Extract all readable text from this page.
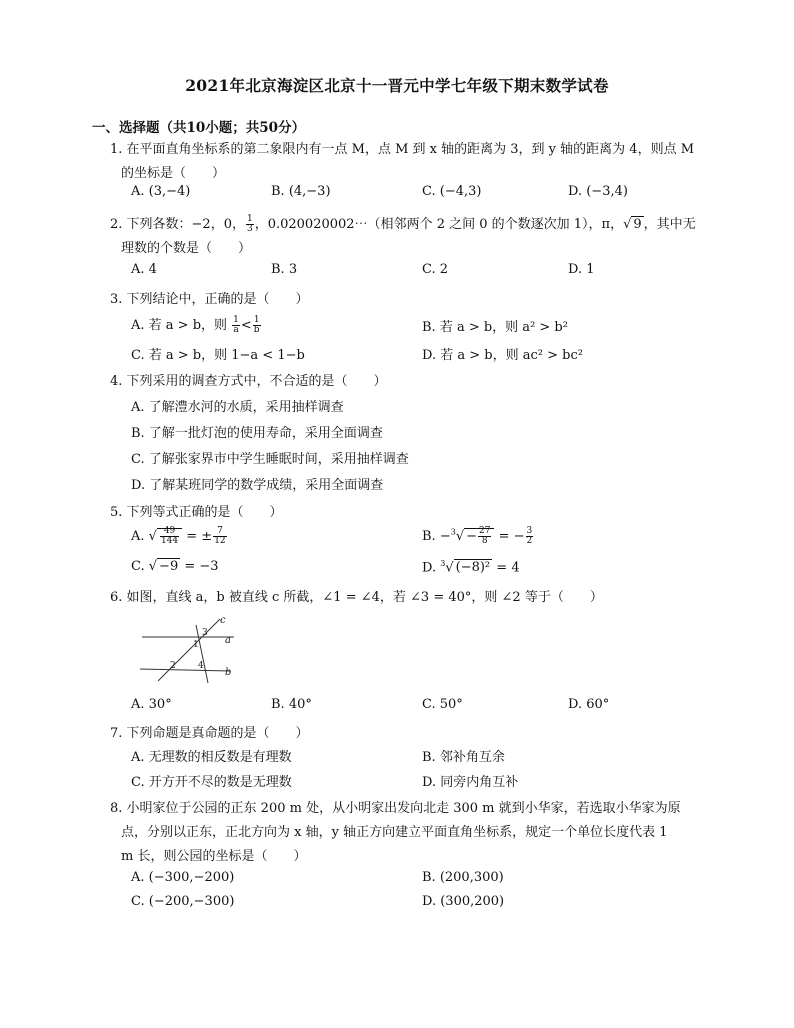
2021年北京海淀区北京十一晋元中学七年级下期末数学试卷
一、选择题（共10小题；共50分）
1. 在平面直角坐标系的第二象限内有一点 M，点 M 到 x 轴的距离为 3，到 y 轴的距离为 4，则点 M
的坐标是（　　）
A. (3,−4)	B. (4,−3)	C. (−4,3)	D. (−3,4)
2. 下列各数：−2，0， $\frac{1}{3}$ ，0.020020002⋯（相邻两个 2 之间 0 的个数逐次加 1），π，√ 9 ，其中无
理数的个数是（　　）
A. 4	B. 3	C. 2	D. 1
3. 下列结论中，正确的是（　　）
A. 若 a > b，则 $\frac{1}{a} < \frac{1}{b}$	B. 若 a > b，则 a² > b²
C. 若 a > b，则 1−a < 1−b	D. 若 a > b，则 ac² > bc²
4. 下列采用的调查方式中，不合适的是（　　）
A. 了解澧水河的水质，采用抽样调查
B. 了解一批灯泡的使用寿命，采用全面调查
C. 了解张家界市中学生睡眠时间，采用抽样调查
D. 了解某班同学的数学成绩，采用全面调查
5. 下列等式正确的是（　　）
A. √ $\frac{49}{144}$ = ± $\frac{7}{12}$	B. $-^3√ - \frac{27}{8}$ = − $\frac{3}{2}$
C. √ −9 = −3	D. $^3$√ (−8)² = 4
6. 如图，直线 a，b 被直线 c 所截，∠1 = ∠4，若 ∠3 = 40°，则 ∠2 等于（　　）
c
a
b
3
1
2 4
A. 30°	B. 40°	C. 50°	D. 60°
7. 下列命题是真命题的是（　　）
A. 无理数的相反数是有理数	B. 邻补角互余
C. 开方开不尽的数是无理数	D. 同旁内角互补
8. 小明家位于公园的正东 200 m 处，从小明家出发向北走 300 m 就到小华家，若选取小华家为原
点，分别以正东，正北方向为 x 轴，y 轴正方向建立平面直角坐标系，规定一个单位长度代表 1
m 长，则公园的坐标是（　　）
A. (−300,−200)	B. (200,300)
C. (−200,−300)	D. (300,200)
